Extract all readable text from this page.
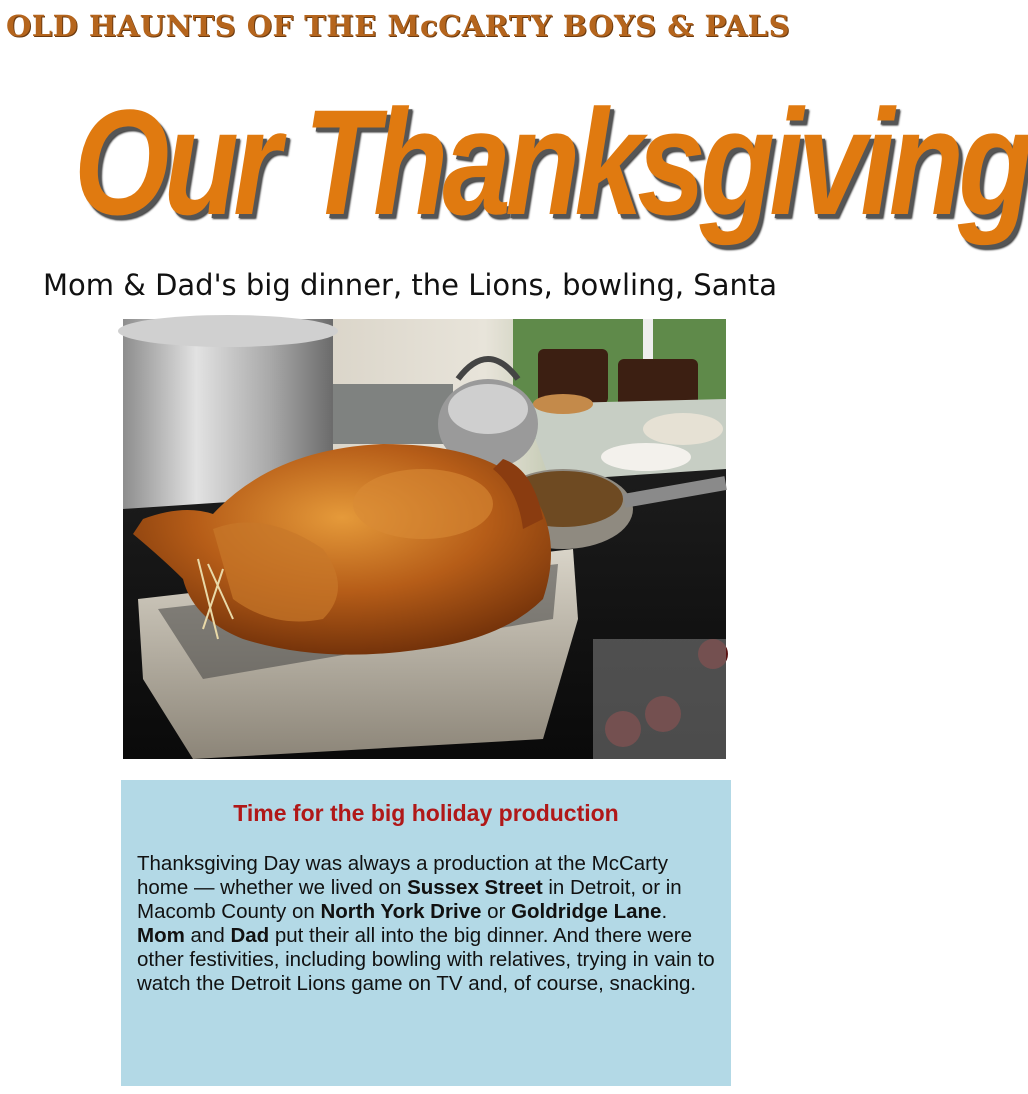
OLD HAUNTS OF THE McCARTY BOYS & PALS
Our Thanksgiving
Mom & Dad's big dinner, the Lions, bowling, Santa
Time for the big holiday production

Thanksgiving Day was always a production at the McCarty home — whether we lived on Sussex Street in Detroit, or in Macomb County on North York Drive or Goldridge Lane. Mom and Dad put their all into the big dinner. And there were other festivities, including bowling with relatives, trying in vain to watch the Detroit Lions game on TV and, of course, snacking.
